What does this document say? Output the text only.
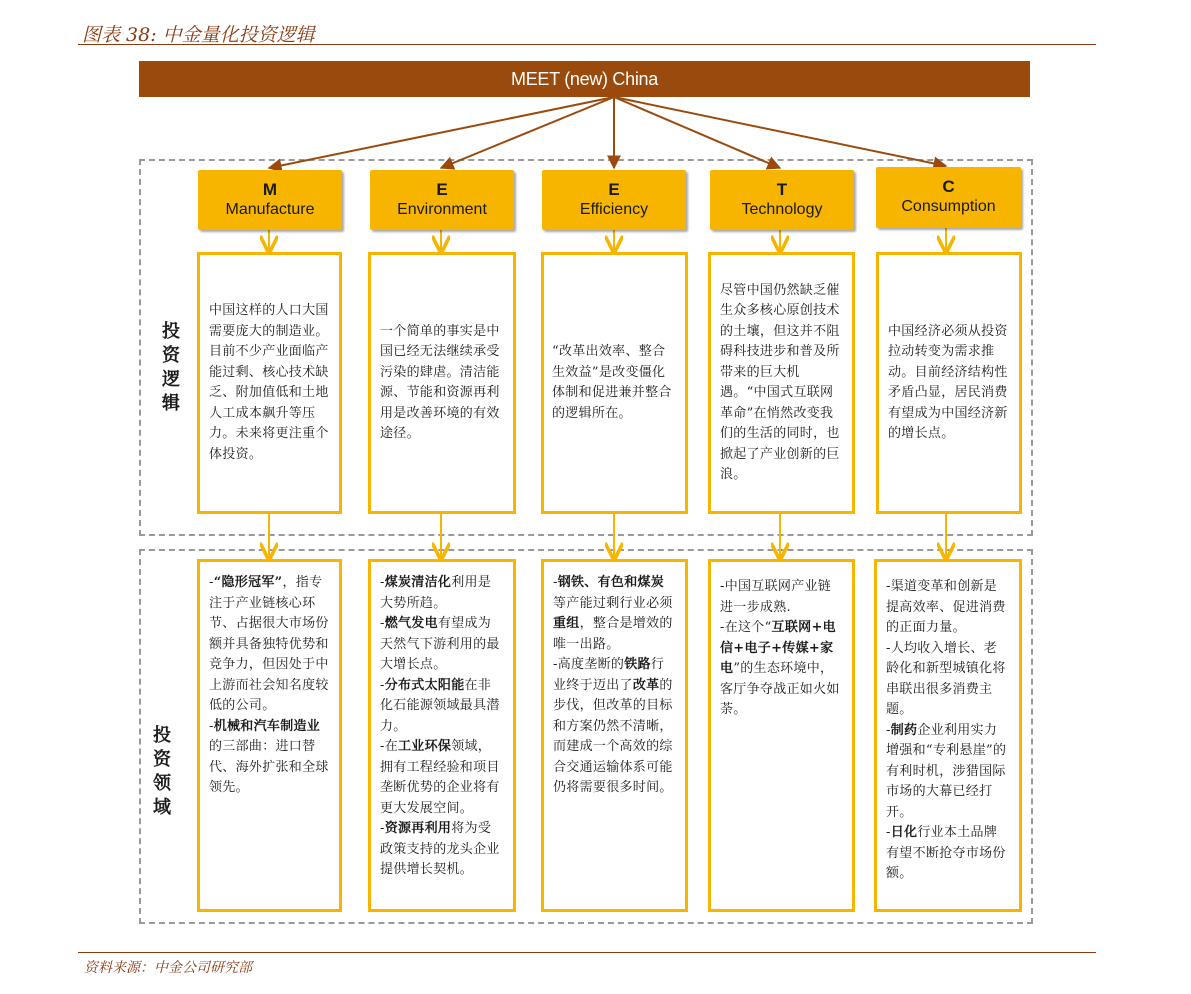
图表 38: 中金量化投资逻辑
MEET (new) China
投资逻辑
投资领域
M
Manufacture
E
Environment
E
Efficiency
T
Technology
C
Consumption
中国这样的人口大国需要庞大的制造业。目前不少产业面临产能过剩、核心技术缺乏、附加值低和土地人工成本飙升等压力。未来将更注重个体投资。
一个简单的事实是中国已经无法继续承受污染的肆虐。清洁能源、节能和资源再利用是改善环境的有效途径。
“改革出效率、整合生效益”是改变僵化体制和促进兼并整合的逻辑所在。
尽管中国仍然缺乏催生众多核心原创技术的土壤，但这并不阻碍科技进步和普及所带来的巨大机遇。“中国式互联网革命”在悄然改变我们的生活的同时，也掀起了产业创新的巨浪。
中国经济必须从投资拉动转变为需求推动。目前经济结构性矛盾凸显，居民消费有望成为中国经济新的增长点。
-“隐形冠军”，指专注于产业链核心环节、占据很大市场份额并具备独特优势和竞争力，但因处于中上游而社会知名度较低的公司。
-机械和汽车制造业的三部曲：进口替代、海外扩张和全球领先。
-煤炭清洁化利用是大势所趋。
-燃气发电有望成为天然气下游利用的最大增长点。
-分布式太阳能在非化石能源领域最具潜力。
-在工业环保领域，拥有工程经验和项目垄断优势的企业将有更大发展空间。
-资源再利用将为受政策支持的龙头企业提供增长契机。
-钢铁、有色和煤炭等产能过剩行业必须重组，整合是增效的唯一出路。
-高度垄断的铁路行业终于迈出了改革的步伐，但改革的目标和方案仍然不清晰，而建成一个高效的综合交通运输体系可能仍将需要很多时间。
-中国互联网产业链进一步成熟.
-在这个“互联网+电信+电子+传媒+家电”的生态环境中，客厅争夺战正如火如荼。
-渠道变革和创新是提高效率、促进消费的正面力量。
-人均收入增长、老龄化和新型城镇化将串联出很多消费主题。
-制药企业利用实力增强和“专利悬崖”的有利时机，涉猎国际市场的大幕已经打开。
-日化行业本土品牌有望不断抢夺市场份额。
资料来源：中金公司研究部
